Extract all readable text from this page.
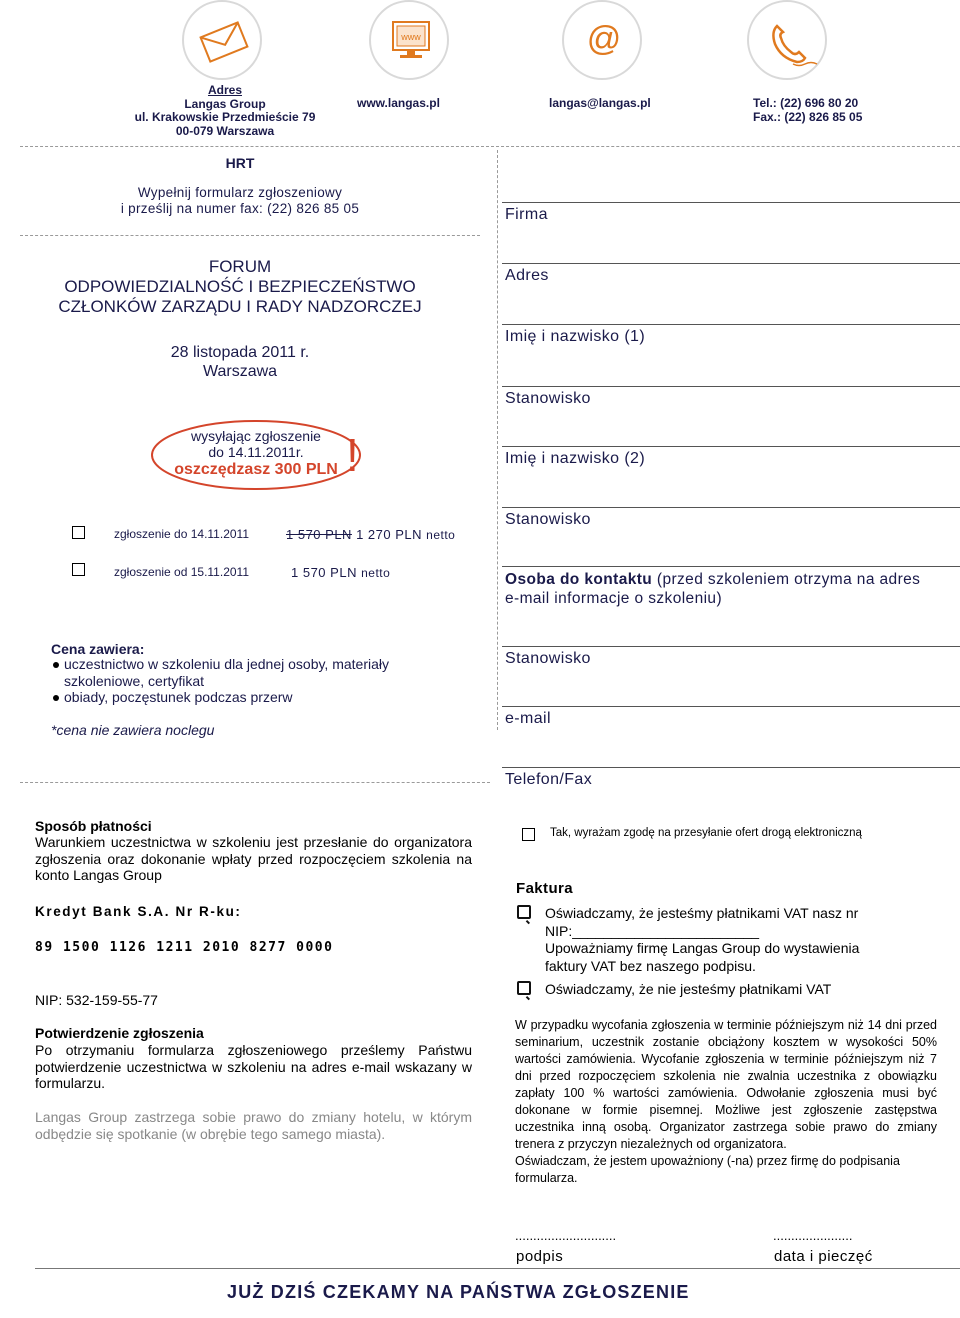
www	@
Adres
Langas Group
ul. Krakowskie Przedmieście 79
00-079 Warszawa
www.langas.pl	langas@langas.pl	Tel.: (22) 696 80 20
Fax.: (22) 826 85 05
HRT
Wypełnij formularz zgłoszeniowy
i prześlij na numer fax: (22) 826 85 05
FORUM
ODPOWIEDZIALNOŚĆ I BEZPIECZEŃSTWO
CZŁONKÓW ZARZĄDU I RADY NADZORCZEJ
28 listopada 2011 r.
Warszawa
wysyłając zgłoszenie
do 14.11.2011r.
oszczędzasz 300 PLN !
zgłoszenie do 14.11.2011	1 570 PLN 1 270 PLN netto
zgłoszenie od 15.11.2011	1 570 PLN netto
Cena zawiera:
uczestnictwo w szkoleniu dla jednej osoby, materiały
szkoleniowe, certyfikat
obiady, poczęstunek podczas przerw
*cena nie zawiera noclegu
Firma
Adres
Imię i nazwisko (1)
Stanowisko
Imię i nazwisko (2)
Stanowisko
Osoba do kontaktu (przed szkoleniem otrzyma na adres
e-mail informacje o szkoleniu)
Stanowisko
e-mail
Telefon/Fax
Sposób płatności
Warunkiem uczestnictwa w szkoleniu jest przesłanie do organizatora zgłoszenia oraz dokonanie wpłaty przed rozpoczęciem szkolenia na konto Langas Group
Kredyt Bank S.A. Nr R-ku:
89 1500 1126 1211 2010 8277 0000
NIP: 532-159-55-77
Potwierdzenie zgłoszenia
Po otrzymaniu formularza zgłoszeniowego prześlemy Państwu potwierdzenie uczestnictwa w szkoleniu na adres e-mail wskazany w formularzu.
Langas Group zastrzega sobie prawo do zmiany hotelu, w którym odbędzie się spotkanie (w obrębie tego samego miasta).
Tak, wyrażam zgodę na przesyłanie ofert drogą elektroniczną
Faktura
Oświadczamy, że jesteśmy płatnikami VAT nasz nr
NIP:________________________
Upoważniamy firmę Langas Group do wystawienia
faktury VAT bez naszego podpisu.
Oświadczamy, że nie jesteśmy płatnikami VAT
W przypadku wycofania zgłoszenia w terminie późniejszym niż 14 dni przed seminarium, uczestnik zostanie obciążony kosztem w wysokości 50% wartości zamówienia. Wycofanie zgłoszenia w terminie późniejszym niż 7 dni przed rozpoczęciem szkolenia nie zwalnia uczestnika z obowiązku zapłaty 100 % wartości zamówienia. Odwołanie zgłoszenia musi być dokonane w formie pisemnej. Możliwe jest zgłoszenie zastępstwa uczestnika inną osobą. Organizator zastrzega sobie prawo do zmiany trenera z przyczyn niezależnych od organizatora.
Oświadczam, że jestem upoważniony (-na) przez firmę do podpisania formularza.
............................	......................
podpis	data i pieczęć
JUŻ DZIŚ CZEKAMY NA PAŃSTWA ZGŁOSZENIE
